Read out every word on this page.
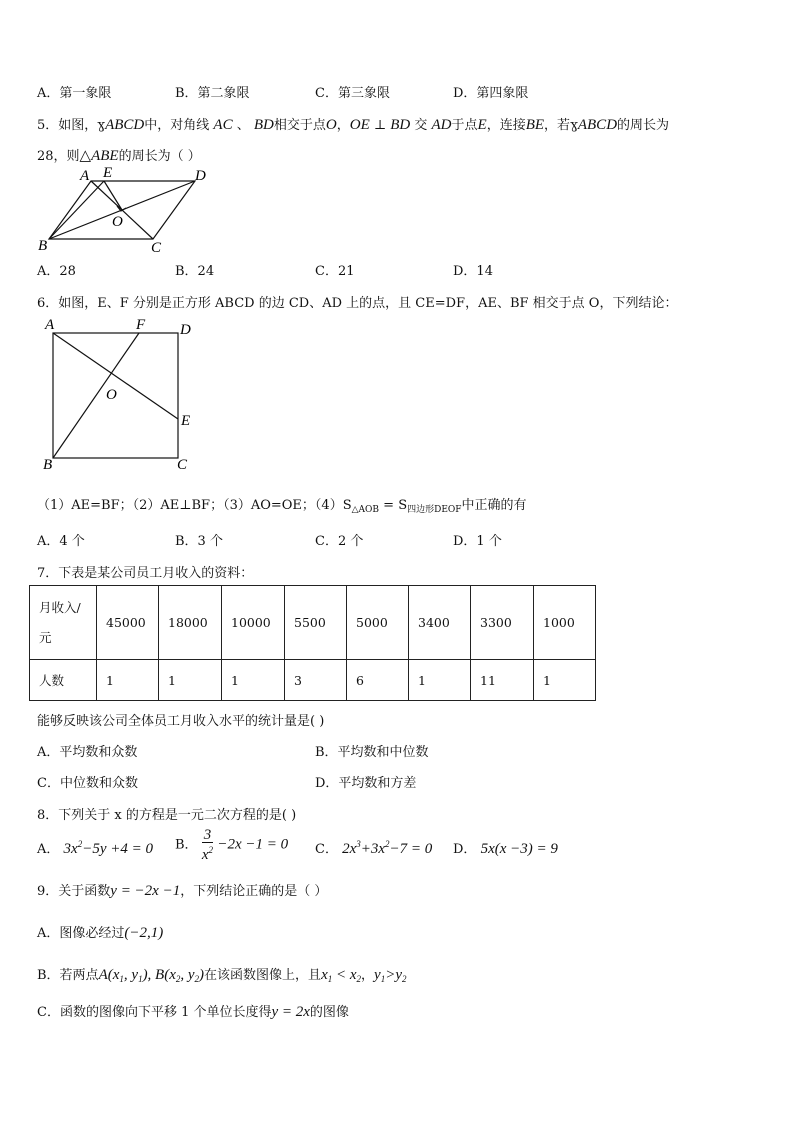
A．第一象限	B．第二象限	C．第三象限	D．第四象限
5．如图，ɣABCD中，对角线 AC 、 BD相交于点O，OE ⊥ BD 交 AD于点E，连接BE，若ɣABCD的周长为
28，则△ABE的周长为（ ）
A E	D
O
B	C
A．28	B．24	C．21	D．14
6．如图，E、F 分别是正方形 ABCD 的边 CD、AD 上的点，且 CE=DF，AE、BF 相交于点 O，下列结论：
A	F D
O
E
B	C
（1）AE=BF；（2）AE⊥BF；（3）AO=OE；$(4)S_{\triangle AOB} = S_{四边形DEOF}$中正确的有
A．4 个	B．3 个	C．2 个	D．1 个
7．下表是某公司员工月收入的资料：
月收入/
元	45000	18000	10000	5500	5000	3400	3300	1000
人数	1	1	1	3	6	1	11	1
能够反映该公司全体员工月收入水平的统计量是( )
A．平均数和众数	B．平均数和中位数
C．中位数和众数	D．平均数和方差
8．下列关于 x 的方程是一元二次方程的是( )
A． $3x^2-5y +4 = 0$ B． $\frac{3}{x^2} -2x -1 = 0$ C． $2x^3+3x^2-7 = 0$ D． 5x(x −3) = 9
9．关于函数y = −2x −1，下列结论正确的是（ ）
A．图像必经过(−2,1)
B．若两点$A(x_1$, $y_1$), $B(x_2$, $y_2$)在该函数图像上，且$x_1 < x_2$，$y_1>y_2$
C．函数的图像向下平移 1 个单位长度得y = 2x的图像
